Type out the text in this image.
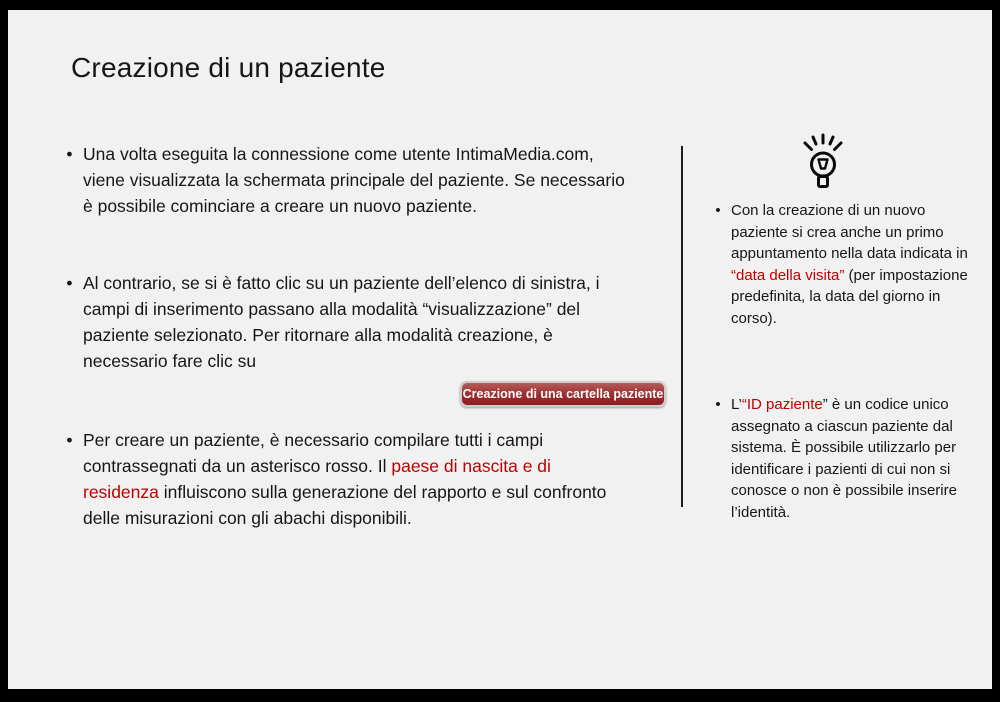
Creazione di un paziente
• Una volta eseguita la connessione come utente IntimaMedia.com, viene visualizzata la schermata principale del paziente. Se necessario è possibile cominciare a creare un nuovo paziente.
• Al contrario, se si è fatto clic su un paziente dell’elenco di sinistra, i campi di inserimento passano alla modalità “visualizzazione” del paziente selezionato. Per ritornare alla modalità creazione, è necessario fare clic su
Creazione di una cartella paziente
• Per creare un paziente, è necessario compilare tutti i campi contrassegnati da un asterisco rosso. Il paese di nascita e di residenza influiscono sulla generazione del rapporto e sul confronto delle misurazioni con gli abachi disponibili.
• Con la creazione di un nuovo paziente si crea anche un primo appuntamento nella data indicata in “data della visita” (per impostazione predefinita, la data del giorno in corso).
• L’“ID paziente” è un codice unico assegnato a ciascun paziente dal sistema. È possibile utilizzarlo per identificare i pazienti di cui non si conosce o non è possibile inserire l’identità.
